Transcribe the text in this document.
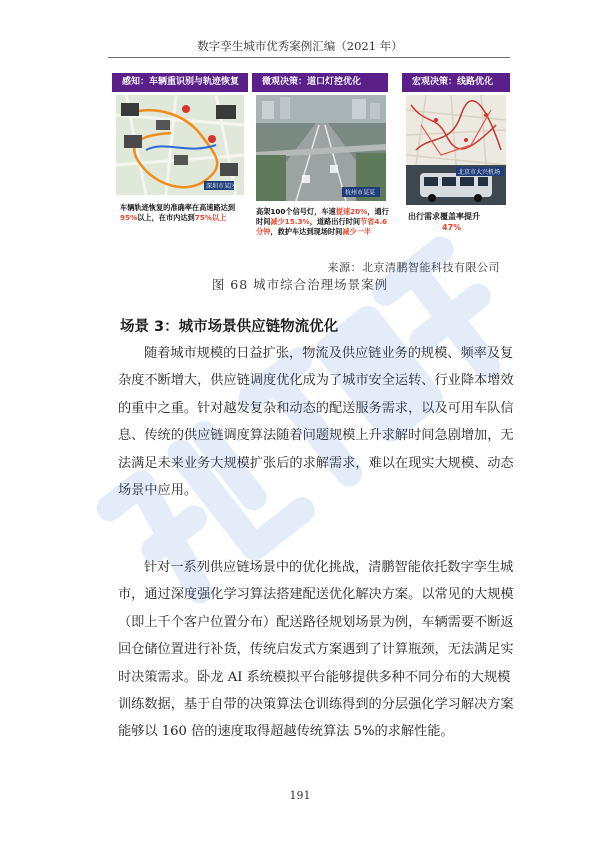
数字孪生城市优秀案例汇编（2021 年）
感知：车辆重识别与轨迹恢复
深圳市某区
车辆轨迹恢复的准确率在高速路达到95%以上，在市内达到75%以上
微观决策：道口灯控优化
杭州市某某
高架100个信号灯，车速提速20%，通行时间减少15.3%，道路出行时间节省4.6分钟，救护车达到现场时间减少一半
宏观决策：线路优化
北京市大兴机场
出行需求覆盖率提升
47%
来源：北京清鹏智能科技有限公司
图 68 城市综合治理场景案例
场景 3：城市场景供应链物流优化
随着城市规模的日益扩张，物流及供应链业务的规模、频率及复
杂度不断增大，供应链调度优化成为了城市安全运转、行业降本增效
的重中之重。针对越发复杂和动态的配送服务需求，以及可用车队信
息、传统的供应链调度算法随着问题规模上升求解时间急剧增加，无
法满足未来业务大规模扩张后的求解需求，难以在现实大规模、动态
场景中应用。
针对一系列供应链场景中的优化挑战，清鹏智能依托数字孪生城
市，通过深度强化学习算法搭建配送优化解决方案。以常见的大规模
（即上千个客户位置分布）配送路径规划场景为例，车辆需要不断返
回仓储位置进行补货，传统启发式方案遇到了计算瓶颈，无法满足实
时决策需求。卧龙 AI 系统模拟平台能够提供多种不同分布的大规模
训练数据，基于自带的决策算法仓训练得到的分层强化学习解决方案
能够以 160 倍的速度取得超越传统算法 5%的求解性能。
191
